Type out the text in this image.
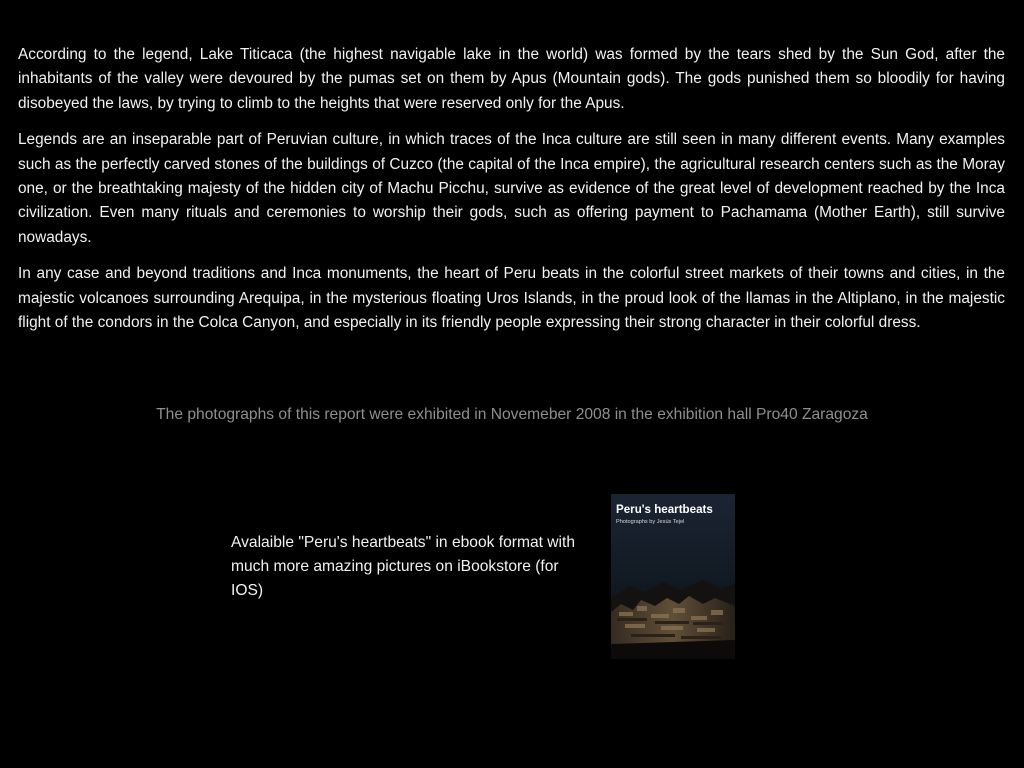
According to the legend, Lake Titicaca (the highest navigable lake in the world) was formed by the tears shed by the Sun God, after the inhabitants of the valley were devoured by the pumas set on them by Apus (Mountain gods). The gods punished them so bloodily for having disobeyed the laws, by trying to climb to the heights that were reserved only for the Apus.

Legends are an inseparable part of Peruvian culture, in which traces of the Inca culture are still seen in many different events. Many examples such as the perfectly carved stones of the buildings of Cuzco (the capital of the Inca empire), the agricultural research centers such as the Moray one, or the breathtaking majesty of the hidden city of Machu Picchu, survive as evidence of the great level of development reached by the Inca civilization. Even many rituals and ceremonies to worship their gods, such as offering payment to Pachamama (Mother Earth), still survive nowadays.

In any case and beyond traditions and Inca monuments, the heart of Peru beats in the colorful street markets of their towns and cities, in the majestic volcanoes surrounding Arequipa, in the mysterious floating Uros Islands, in the proud look of the llamas in the Altiplano, in the majestic flight of the condors in the Colca Canyon, and especially in its friendly people expressing their strong character in their colorful dress.

The photographs of this report were exhibited in Novemeber 2008 in the exhibition hall Pro40 Zaragoza
Avalaible "Peru's heartbeats" in ebook format with much more amazing pictures on iBookstore (for IOS)
Peru's heartbeats
Photographs by Jesús Tejel
